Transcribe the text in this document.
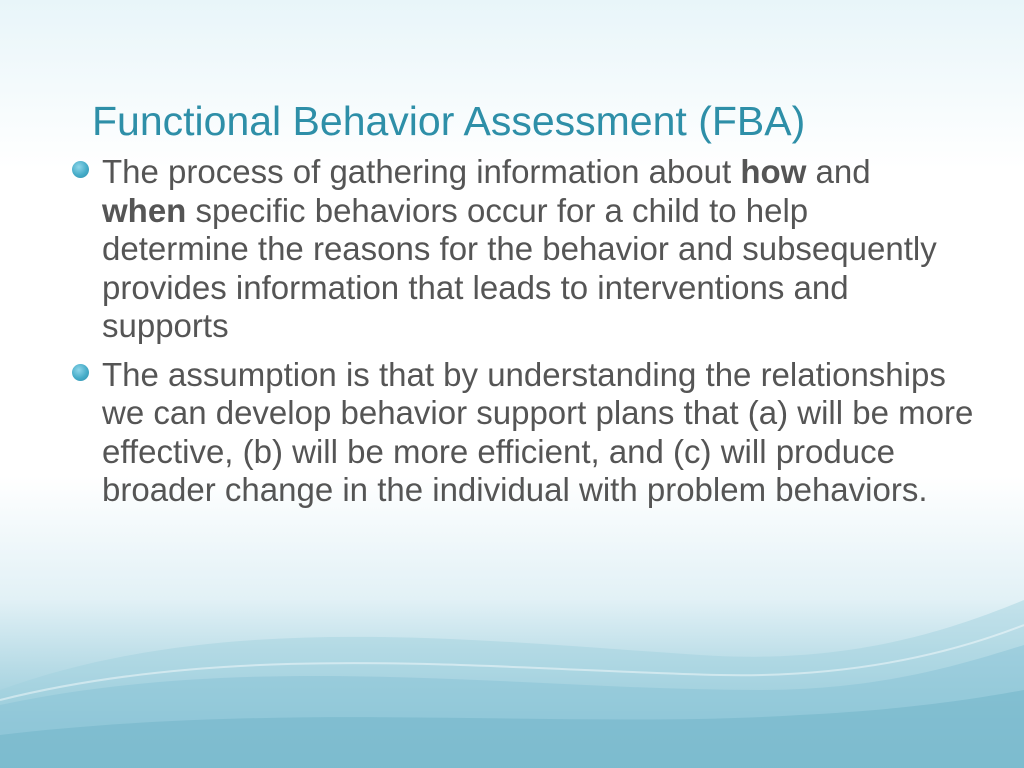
Functional Behavior Assessment (FBA)
The process of gathering information about how and when specific behaviors occur for a child to help determine the reasons for the behavior and subsequently provides information that leads to interventions and supports
The assumption is that by understanding the relationships we can develop behavior support plans that (a) will be more effective, (b) will be more efficient, and (c) will produce broader change in the individual with problem behaviors.
